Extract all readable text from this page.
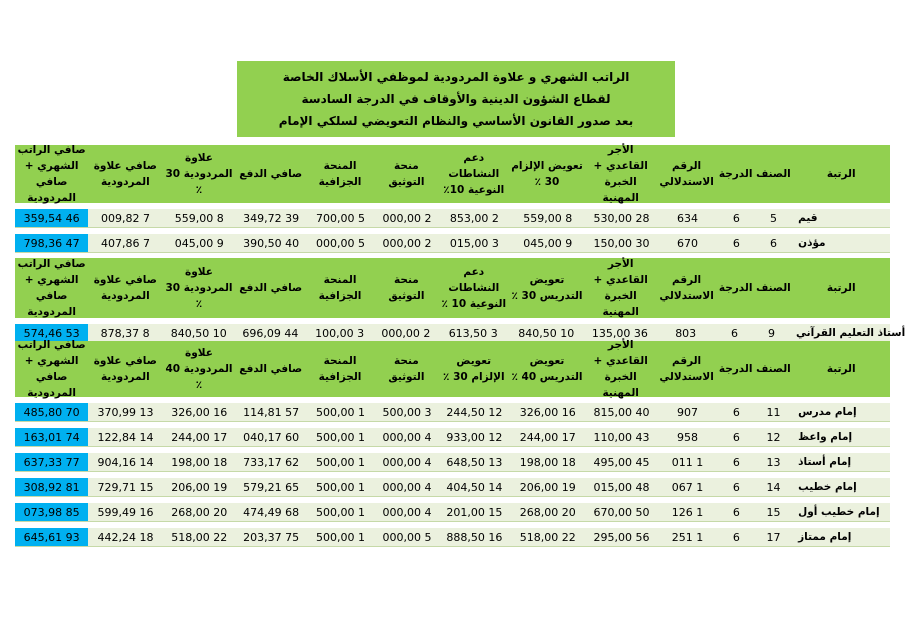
الراتب الشهري و علاوة المردودية لموظفي الأسلاك الخاصة
لقطاع الشؤون الدينية والأوقاف في الدرجة السادسة
بعد صدور القانون الأساسي والنظام التعويضي لسلكي الإمام
الرتبة
الصنف
الدرجة
الرقم الاستدلالي
الأجر القاعدي + الخبرة المهنية
تعويض الإلزام 30 ٪
دعم النشاطات النوعية 10٪
منحة التوثيق
المنحة الجزافية
صافي الدفع
علاوة المردودية 30 ٪
صافي علاوة المردودية
صافي الراتب الشهري + صافي المردودية
قيم
5
6
634
28 530,00
8 559,00
2 853,00
2 000,00
5 700,00
39 349,72
8 559,00
7 009,82
46 359,54
مؤذن
6
6
670
30 150,00
9 045,00
3 015,00
2 000,00
5 000,00
40 390,50
9 045,00
7 407,86
47 798,36
الرتبة
الصنف
الدرجة
الرقم الاستدلالي
الأجر القاعدي + الخبرة المهنية
تعويض التدريس 30 ٪
دعم النشاطات النوعية 10 ٪
منحة التوثيق
المنحة الجزافية
صافي الدفع
علاوة المردودية 30 ٪
صافي علاوة المردودية
صافي الراتب الشهري + صافي المردودية
أستاذ التعليم القرآني
9
6
803
36 135,00
10 840,50
3 613,50
2 000,00
3 100,00
44 696,09
10 840,50
8 878,37
53 574,46
الرتبة
الصنف
الدرجة
الرقم الاستدلالي
الأجر القاعدي + الخبرة المهنية
تعويض التدريس 40 ٪
تعويض الإلزام 30 ٪
منحة التوثيق
المنحة الجزافية
صافي الدفع
علاوة المردودية 40 ٪
صافي علاوة المردودية
صافي الراتب الشهري + صافي المردودية
إمام مدرس
11
6
907
40 815,00
16 326,00
12 244,50
3 500,00
1 500,00
57 114,81
16 326,00
13 370,99
70 485,80
إمام واعظ
12
6
958
43 110,00
17 244,00
12 933,00
4 000,00
1 500,00
60 040,17
17 244,00
14 122,84
74 163,01
إمام أستاذ
13
6
1 011
45 495,00
18 198,00
13 648,50
4 000,00
1 500,00
62 733,17
18 198,00
14 904,16
77 637,33
إمام خطيب
14
6
1 067
48 015,00
19 206,00
14 404,50
4 000,00
1 500,00
65 579,21
19 206,00
15 729,71
81 308,92
إمام خطيب أول
15
6
1 126
50 670,00
20 268,00
15 201,00
4 000,00
1 500,00
68 474,49
20 268,00
16 599,49
85 073,98
إمام ممتاز
17
6
1 251
56 295,00
22 518,00
16 888,50
5 000,00
1 500,00
75 203,37
22 518,00
18 442,24
93 645,61
